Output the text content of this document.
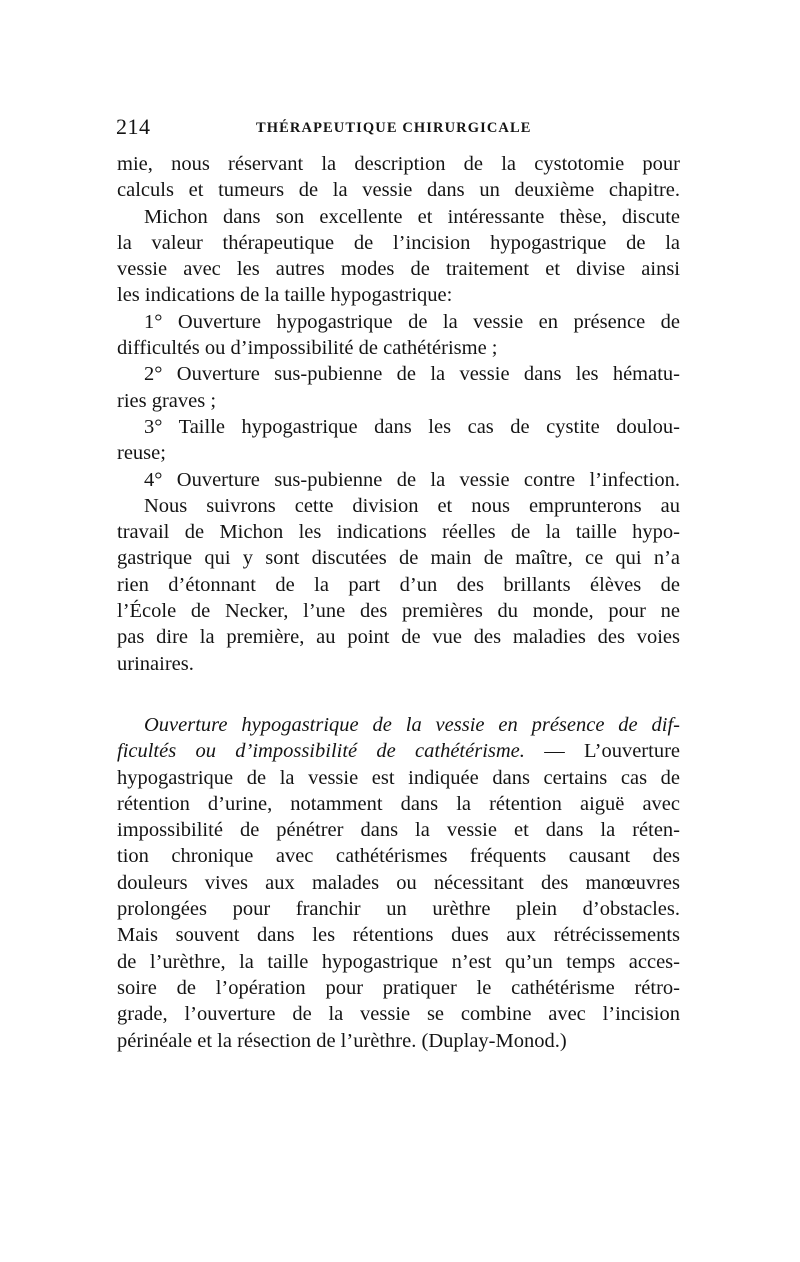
214	THÉRAPEUTIQUE CHIRURGICALE
mie, nous réservant la description de la cystotomie pour
calculs et tumeurs de la vessie dans un deuxième chapitre.
Michon dans son excellente et intéressante thèse, discute
la valeur thérapeutique de l’incision hypogastrique de la
vessie avec les autres modes de traitement et divise ainsi
les indications de la taille hypogastrique:
1° Ouverture hypogastrique de la vessie en présence de
difficultés ou d’impossibilité de cathétérisme ;
2° Ouverture sus-pubienne de la vessie dans les hématu-
ries graves ;
3° Taille hypogastrique dans les cas de cystite doulou-
reuse;
4° Ouverture sus-pubienne de la vessie contre l’infection.
Nous suivrons cette division et nous emprunterons au
travail de Michon les indications réelles de la taille hypo-
gastrique qui y sont discutées de main de maître, ce qui n’a
rien d’étonnant de la part d’un des brillants élèves de
l’École de Necker, l’une des premières du monde, pour ne
pas dire la première, au point de vue des maladies des voies
urinaires.
Ouverture hypogastrique de la vessie en présence de dif-
ficultés ou d’impossibilité de cathétérisme. — L’ouverture
hypogastrique de la vessie est indiquée dans certains cas de
rétention d’urine, notamment dans la rétention aiguë avec
impossibilité de pénétrer dans la vessie et dans la réten-
tion chronique avec cathétérismes fréquents causant des
douleurs vives aux malades ou nécessitant des manœuvres
prolongées pour franchir un urèthre plein d’obstacles.
Mais souvent dans les rétentions dues aux rétrécissements
de l’urèthre, la taille hypogastrique n’est qu’un temps acces-
soire de l’opération pour pratiquer le cathétérisme rétro-
grade, l’ouverture de la vessie se combine avec l’incision
périnéale et la résection de l’urèthre. (Duplay-Monod.)
